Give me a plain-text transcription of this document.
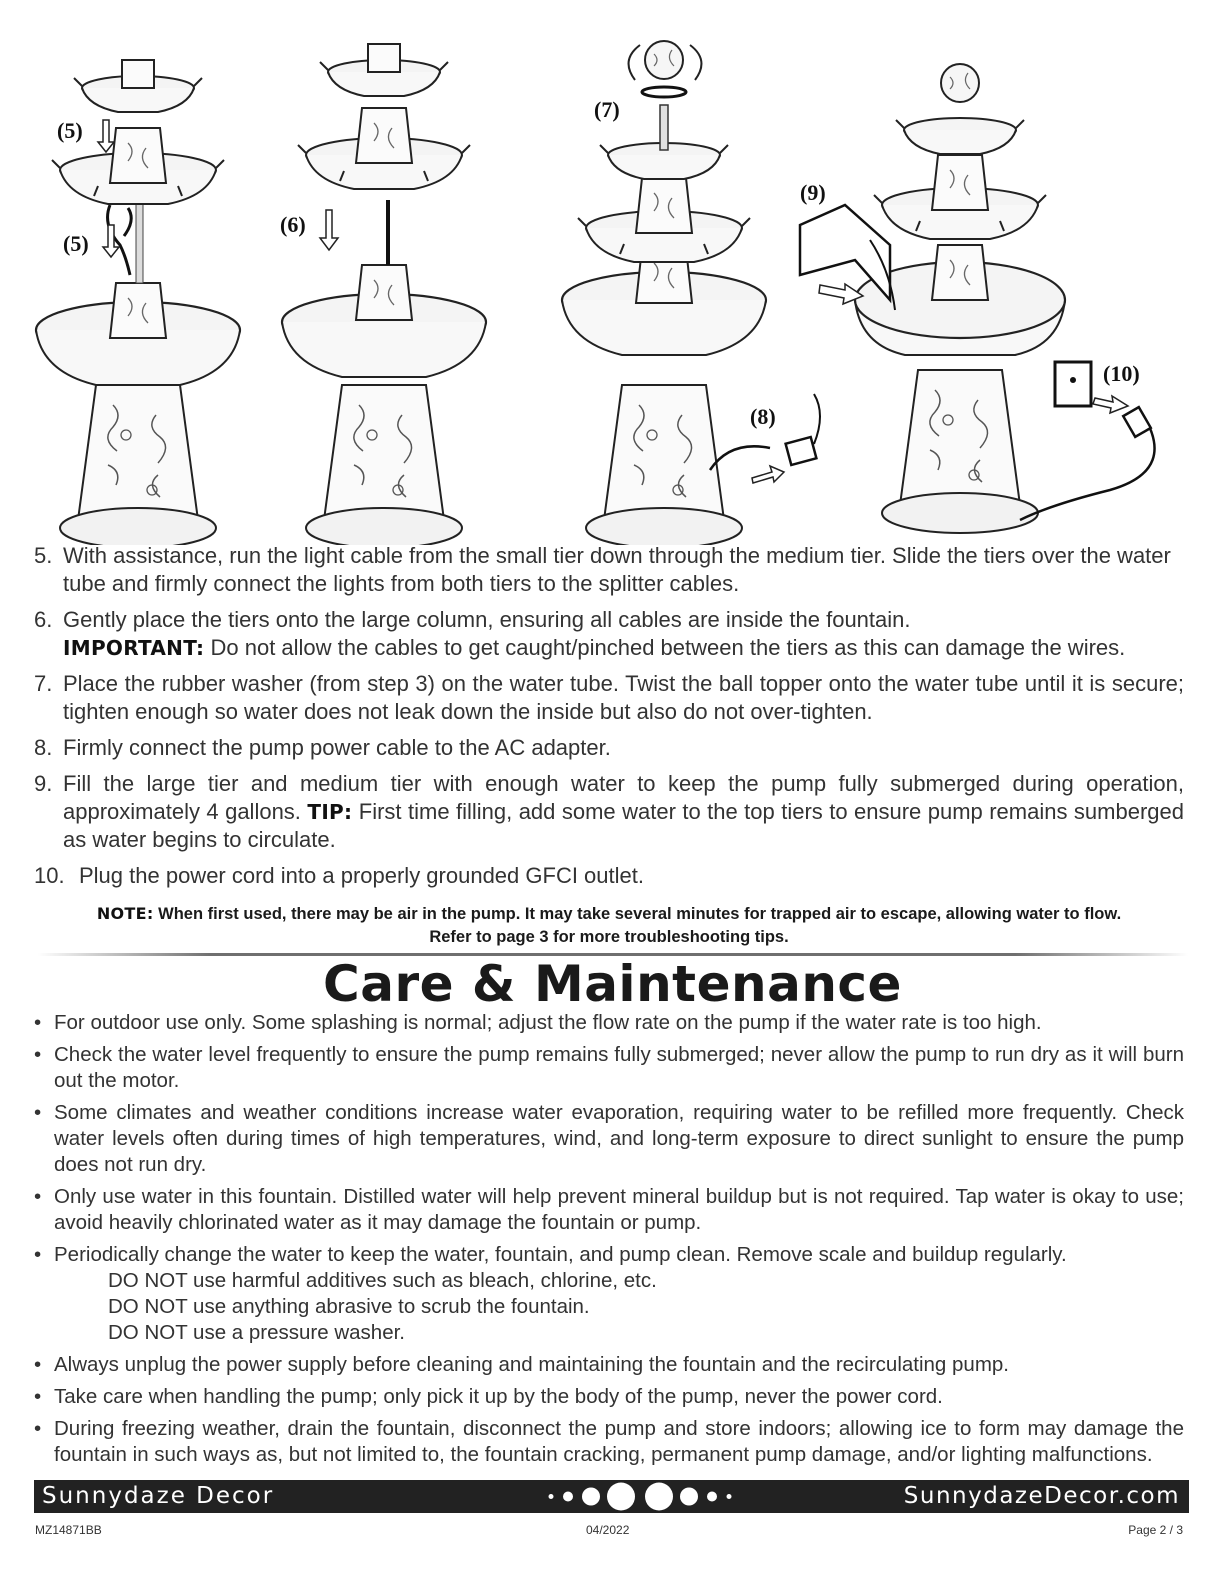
(5)
(5)
(6)
(7)
(8)
(9)
(10)
5. With assistance, run the light cable from the small tier down through the medium tier. Slide the tiers over the water tube and firmly connect the lights from both tiers to the splitter cables.
6. Gently place the tiers onto the large column, ensuring all cables are inside the fountain.
IMPORTANT: Do not allow the cables to get caught/pinched between the tiers as this can damage the wires.
7. Place the rubber washer (from step 3) on the water tube. Twist the ball topper onto the water tube until it is secure; tighten enough so water does not leak down the inside but also do not over-tighten.
8. Firmly connect the pump power cable to the AC adapter.
9. Fill the large tier and medium tier with enough water to keep the pump fully submerged during operation, approximately 4 gallons. TIP: First time filling, add some water to the top tiers to ensure pump remains sumberged as water begins to circulate.
10. Plug the power cord into a properly grounded GFCI outlet.
NOTE: When first used, there may be air in the pump. It may take several minutes for trapped air to escape, allowing water to flow.
Refer to page 3 for more troubleshooting tips.
Care & Maintenance
• For outdoor use only. Some splashing is normal; adjust the flow rate on the pump if the water rate is too high.
• Check the water level frequently to ensure the pump remains fully submerged; never allow the pump to run dry as it will burn out the motor.
• Some climates and weather conditions increase water evaporation, requiring water to be refilled more frequently. Check water levels often during times of high temperatures, wind, and long-term exposure to direct sunlight to ensure the pump does not run dry.
• Only use water in this fountain. Distilled water will help prevent mineral buildup but is not required. Tap water is okay to use; avoid heavily chlorinated water as it may damage the fountain or pump.
• Periodically change the water to keep the water, fountain, and pump clean. Remove scale and buildup regularly.
DO NOT use harmful additives such as bleach, chlorine, etc.
DO NOT use anything abrasive to scrub the fountain.
DO NOT use a pressure washer.
• Always unplug the power supply before cleaning and maintaining the fountain and the recirculating pump.
• Take care when handling the pump; only pick it up by the body of the pump, never the power cord.
• During freezing weather, drain the fountain, disconnect the pump and store indoors; allowing ice to form may damage the fountain in such ways as, but not limited to, the fountain cracking, permanent pump damage, and/or lighting malfunctions.
Sunnydaze Decor	SunnydazeDecor.com
MZ14871BB	04/2022	Page 2 / 3
